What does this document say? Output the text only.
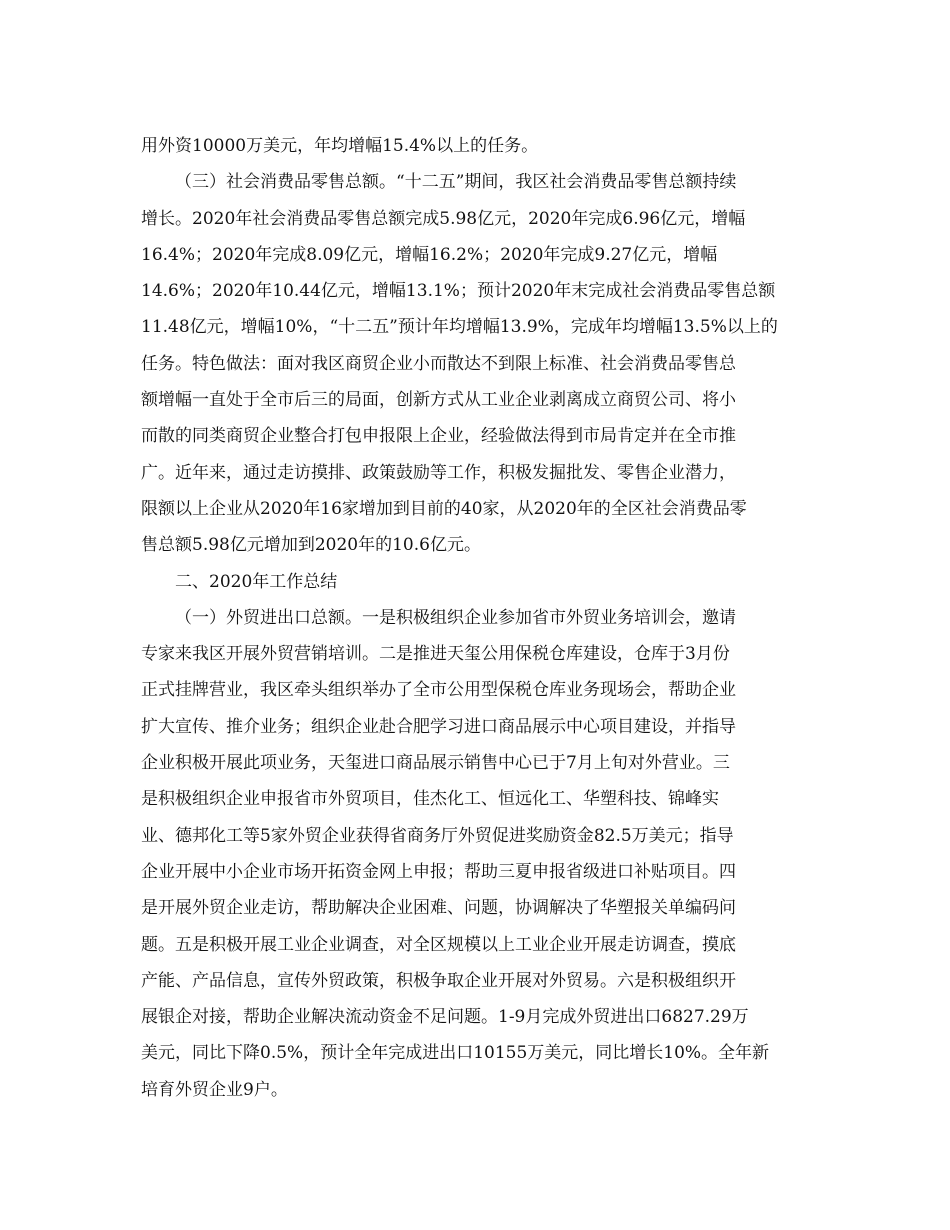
用外资10000万美元，年均增幅15.4%以上的任务。
（三）社会消费品零售总额。“十二五”期间，我区社会消费品零售总额持续
增长。2020年社会消费品零售总额完成5.98亿元，2020年完成6.96亿元，增幅
16.4%；2020年完成8.09亿元，增幅16.2%；2020年完成9.27亿元，增幅
14.6%；2020年10.44亿元，增幅13.1%；预计2020年末完成社会消费品零售总额
11.48亿元，增幅10%，“十二五”预计年均增幅13.9%，完成年均增幅13.5%以上的
任务。特色做法：面对我区商贸企业小而散达不到限上标准、社会消费品零售总
额增幅一直处于全市后三的局面，创新方式从工业企业剥离成立商贸公司、将小
而散的同类商贸企业整合打包申报限上企业，经验做法得到市局肯定并在全市推
广。近年来，通过走访摸排、政策鼓励等工作，积极发掘批发、零售企业潜力，
限额以上企业从2020年16家增加到目前的40家，从2020年的全区社会消费品零
售总额5.98亿元增加到2020年的10.6亿元。
二、2020年工作总结
（一）外贸进出口总额。一是积极组织企业参加省市外贸业务培训会，邀请
专家来我区开展外贸营销培训。二是推进天玺公用保税仓库建设，仓库于3月份
正式挂牌营业，我区牵头组织举办了全市公用型保税仓库业务现场会，帮助企业
扩大宣传、推介业务；组织企业赴合肥学习进口商品展示中心项目建设，并指导
企业积极开展此项业务，天玺进口商品展示销售中心已于7月上旬对外营业。三
是积极组织企业申报省市外贸项目，佳杰化工、恒远化工、华塑科技、锦峰实
业、德邦化工等5家外贸企业获得省商务厅外贸促进奖励资金82.5万美元；指导
企业开展中小企业市场开拓资金网上申报；帮助三夏申报省级进口补贴项目。四
是开展外贸企业走访，帮助解决企业困难、问题，协调解决了华塑报关单编码问
题。五是积极开展工业企业调查，对全区规模以上工业企业开展走访调查，摸底
产能、产品信息，宣传外贸政策，积极争取企业开展对外贸易。六是积极组织开
展银企对接，帮助企业解决流动资金不足问题。1-9月完成外贸进出口6827.29万
美元，同比下降0.5%，预计全年完成进出口10155万美元，同比增长10%。全年新
培育外贸企业9户。
